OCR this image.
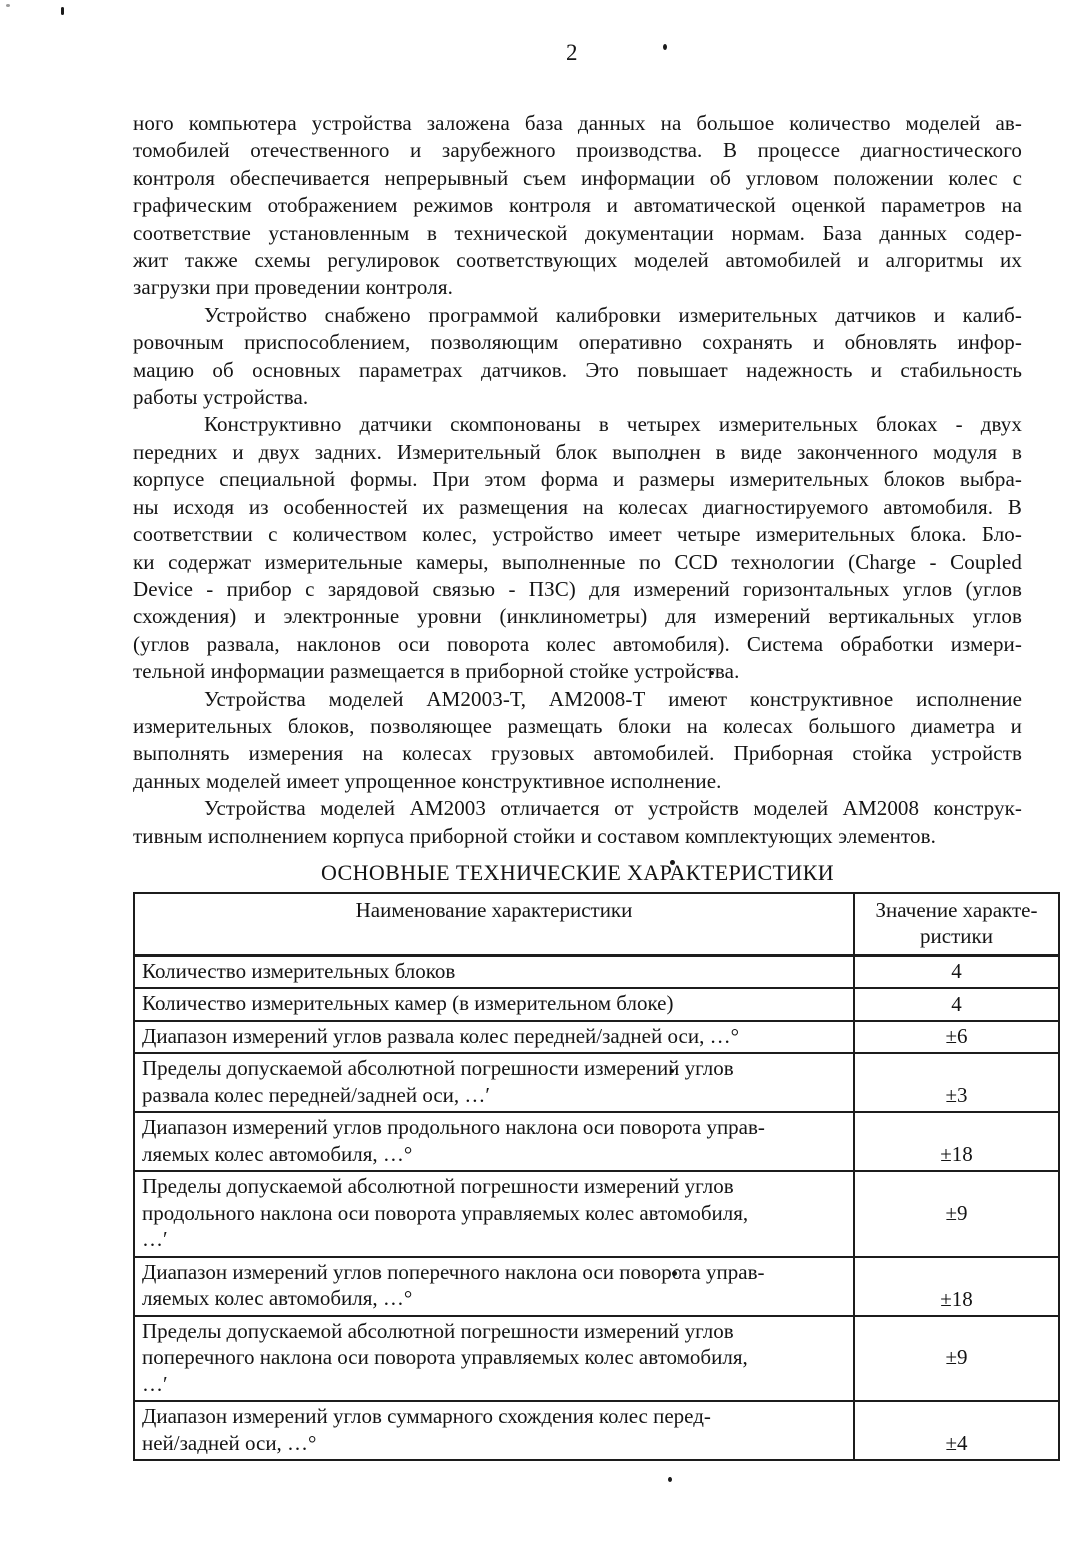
2
ного компьютера устройства заложена база данных на большое количество моделей ав-
томобилей отечественного и зарубежного производства. В процессе диагностического
контроля обеспечивается непрерывный съем информации об угловом положении колес с
графическим отображением режимов контроля и автоматической оценкой параметров на
соответствие установленным в технической документации нормам. База данных содер-
жит также схемы регулировок соответствующих моделей автомобилей и алгоритмы их
загрузки при проведении контроля.
Устройство снабжено программой калибровки измерительных датчиков и калиб-
ровочным приспособлением, позволяющим оперативно сохранять и обновлять инфор-
мацию об основных параметрах датчиков. Это повышает надежность и стабильность
работы устройства.
Конструктивно датчики скомпонованы в четырех измерительных блоках - двух
передних и двух задних. Измерительный блок выполнен в виде законченного модуля в
корпусе специальной формы. При этом форма и размеры измерительных блоков выбра-
ны исходя из особенностей их размещения на колесах диагностируемого автомобиля. В
соответствии с количеством колес, устройство имеет четыре измерительных блока. Бло-
ки содержат измерительные камеры, выполненные по CCD технологии (Charge - Coupled
Device - прибор с зарядовой связью - ПЗС) для измерений горизонтальных углов (углов
схождения) и электронные уровни (инклинометры) для измерений вертикальных углов
(углов развала, наклонов оси поворота колес автомобиля). Система обработки измери-
тельной информации размещается в приборной стойке устройства.
Устройства моделей АМ2003-Т, АМ2008-Т имеют конструктивное исполнение
измерительных блоков, позволяющее размещать блоки на колесах большого диаметра и
выполнять измерения на колесах грузовых автомобилей. Приборная стойка устройств
данных моделей имеет упрощенное конструктивное исполнение.
Устройства моделей АМ2003 отличается от устройств моделей АМ2008 конструк-
тивным исполнением корпуса приборной стойки и составом комплектующих элементов.
ОСНОВНЫЕ ТЕХНИЧЕСКИЕ ХАРАКТЕРИСТИКИ
Наименование характеристики	Значение характе-
ристики

Количество измерительных блоков	4

Количество измерительных камер (в измерительном блоке)	4

Диапазон измерений углов развала колес передней/задней оси, …°	±6

Пределы допускаемой абсолютной погрешности измерений углов
развала колес передней/задней оси, …′	±3

Диапазон измерений углов продольного наклона оси поворота управ-
ляемых колес автомобиля, …°	±18

Пределы допускаемой абсолютной погрешности измерений углов
продольного наклона оси поворота управляемых колес автомобиля,
…′	±9

Диапазон измерений углов поперечного наклона оси поворота управ-
ляемых колес автомобиля, …°	±18

Пределы допускаемой абсолютной погрешности измерений углов
поперечного наклона оси поворота управляемых колес автомобиля,
…′	±9

Диапазон измерений углов суммарного схождения колес перед-
ней/задней оси, …°	±4
